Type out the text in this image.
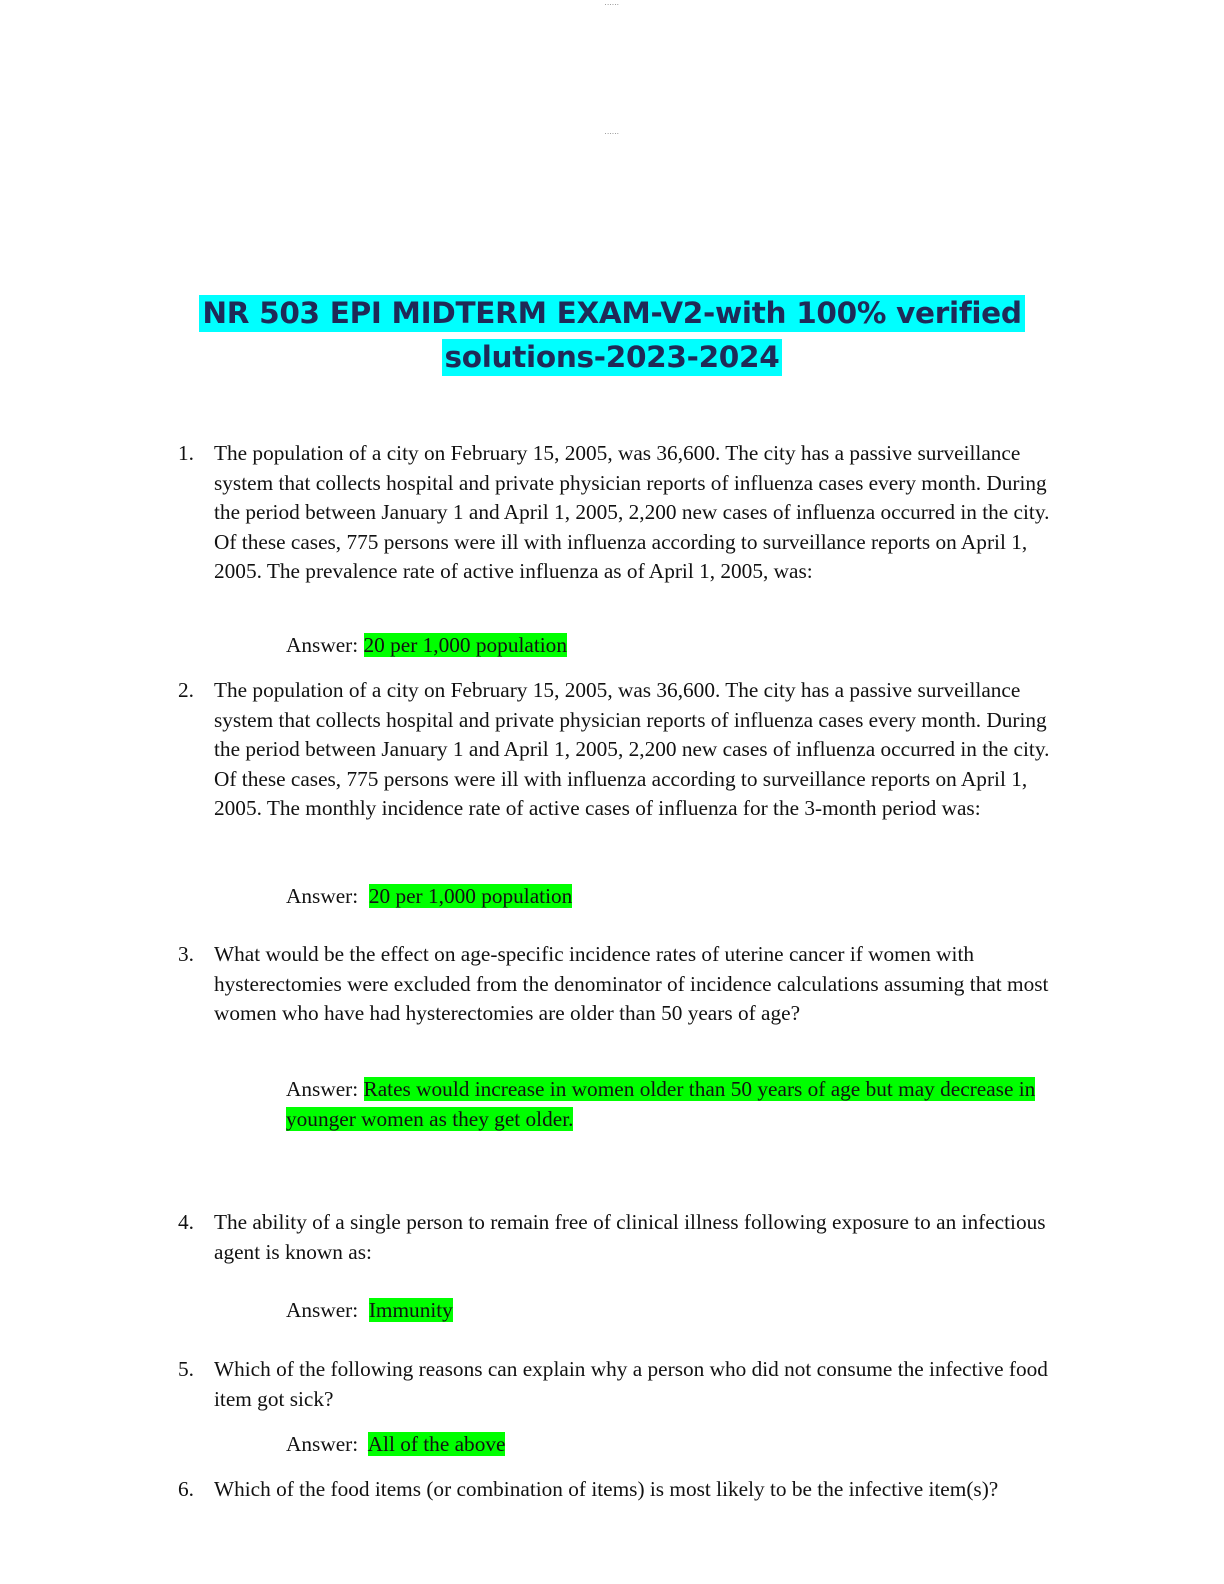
......
......
NR 503 EPI MIDTERM EXAM-V2-with 100% verified
solutions-2023-2024
1. The population of a city on February 15, 2005, was 36,600. The city has a passive surveillance system that collects hospital and private physician reports of influenza cases every month. During the period between January 1 and April 1, 2005, 2,200 new cases of influenza occurred in the city. Of these cases, 775 persons were ill with influenza according to surveillance reports on April 1, 2005. The prevalence rate of active influenza as of April 1, 2005, was:
Answer: 20 per 1,000 population
2. The population of a city on February 15, 2005, was 36,600. The city has a passive surveillance system that collects hospital and private physician reports of influenza cases every month. During the period between January 1 and April 1, 2005, 2,200 new cases of influenza occurred in the city. Of these cases, 775 persons were ill with influenza according to surveillance reports on April 1, 2005. The monthly incidence rate of active cases of influenza for the 3-month period was:
Answer: 20 per 1,000 population
3. What would be the effect on age-specific incidence rates of uterine cancer if women with hysterectomies were excluded from the denominator of incidence calculations assuming that most women who have had hysterectomies are older than 50 years of age?
Answer: Rates would increase in women older than 50 years of age but may decrease in younger women as they get older.
4. The ability of a single person to remain free of clinical illness following exposure to an infectious agent is known as:
Answer: Immunity
5. Which of the following reasons can explain why a person who did not consume the infective food item got sick?
Answer: All of the above
6. Which of the food items (or combination of items) is most likely to be the infective item(s)?
